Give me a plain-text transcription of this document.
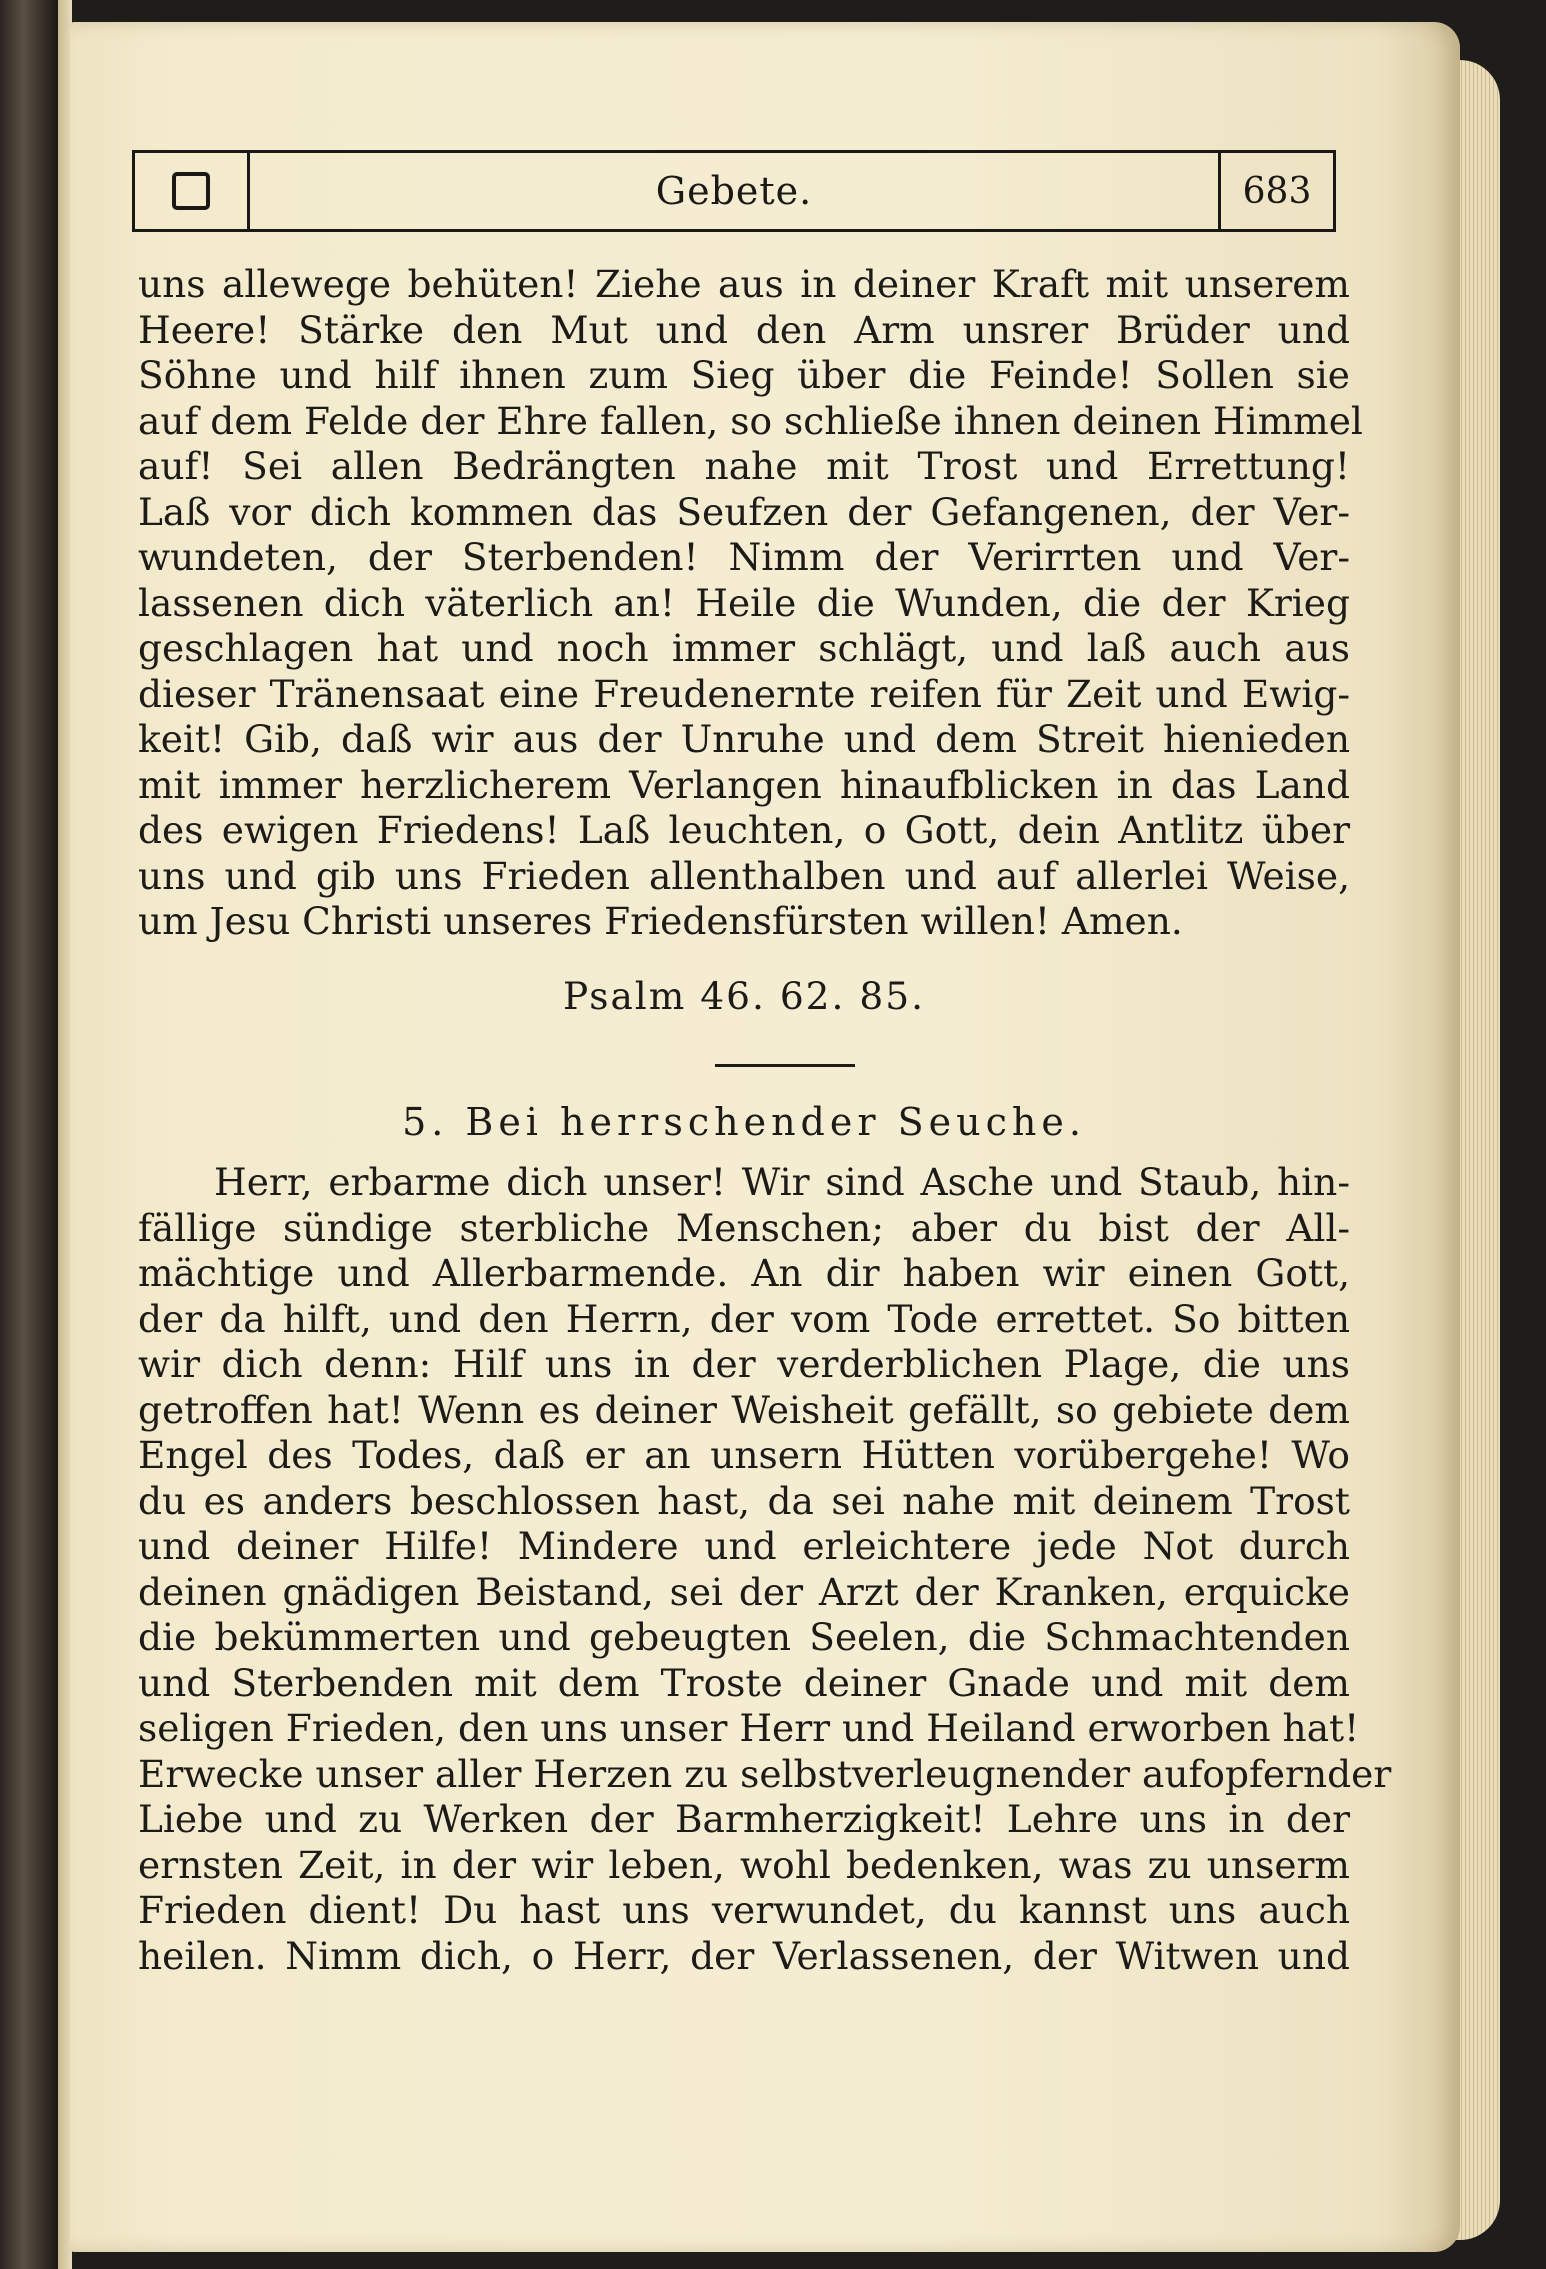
Gebete.	683
uns allewege behüten! Ziehe aus in deiner Kraft mit unserem
Heere! Stärke den Mut und den Arm unsrer Brüder und
Söhne und hilf ihnen zum Sieg über die Feinde! Sollen sie
auf dem Felde der Ehre fallen, so schließe ihnen deinen Himmel
auf! Sei allen Bedrängten nahe mit Trost und Errettung!
Laß vor dich kommen das Seufzen der Gefangenen, der Ver-
wundeten, der Sterbenden! Nimm der Verirrten und Ver-
lassenen dich väterlich an! Heile die Wunden, die der Krieg
geschlagen hat und noch immer schlägt, und laß auch aus
dieser Tränensaat eine Freudenernte reifen für Zeit und Ewig-
keit! Gib, daß wir aus der Unruhe und dem Streit hienieden
mit immer herzlicherem Verlangen hinaufblicken in das Land
des ewigen Friedens! Laß leuchten, o Gott, dein Antlitz über
uns und gib uns Frieden allenthalben und auf allerlei Weise,
um Jesu Christi unseres Friedensfürsten willen! Amen.
Psalm 46. 62. 85.
5. Bei herrschender Seuche.
Herr, erbarme dich unser! Wir sind Asche und Staub, hin-
fällige sündige sterbliche Menschen; aber du bist der All-
mächtige und Allerbarmende. An dir haben wir einen Gott,
der da hilft, und den Herrn, der vom Tode errettet. So bitten
wir dich denn: Hilf uns in der verderblichen Plage, die uns
getroffen hat! Wenn es deiner Weisheit gefällt, so gebiete dem
Engel des Todes, daß er an unsern Hütten vorübergehe! Wo
du es anders beschlossen hast, da sei nahe mit deinem Trost
und deiner Hilfe! Mindere und erleichtere jede Not durch
deinen gnädigen Beistand, sei der Arzt der Kranken, erquicke
die bekümmerten und gebeugten Seelen, die Schmachtenden
und Sterbenden mit dem Troste deiner Gnade und mit dem
seligen Frieden, den uns unser Herr und Heiland erworben hat!
Erwecke unser aller Herzen zu selbstverleugnender aufopfernder
Liebe und zu Werken der Barmherzigkeit! Lehre uns in der
ernsten Zeit, in der wir leben, wohl bedenken, was zu unserm
Frieden dient! Du hast uns verwundet, du kannst uns auch
heilen. Nimm dich, o Herr, der Verlassenen, der Witwen und
